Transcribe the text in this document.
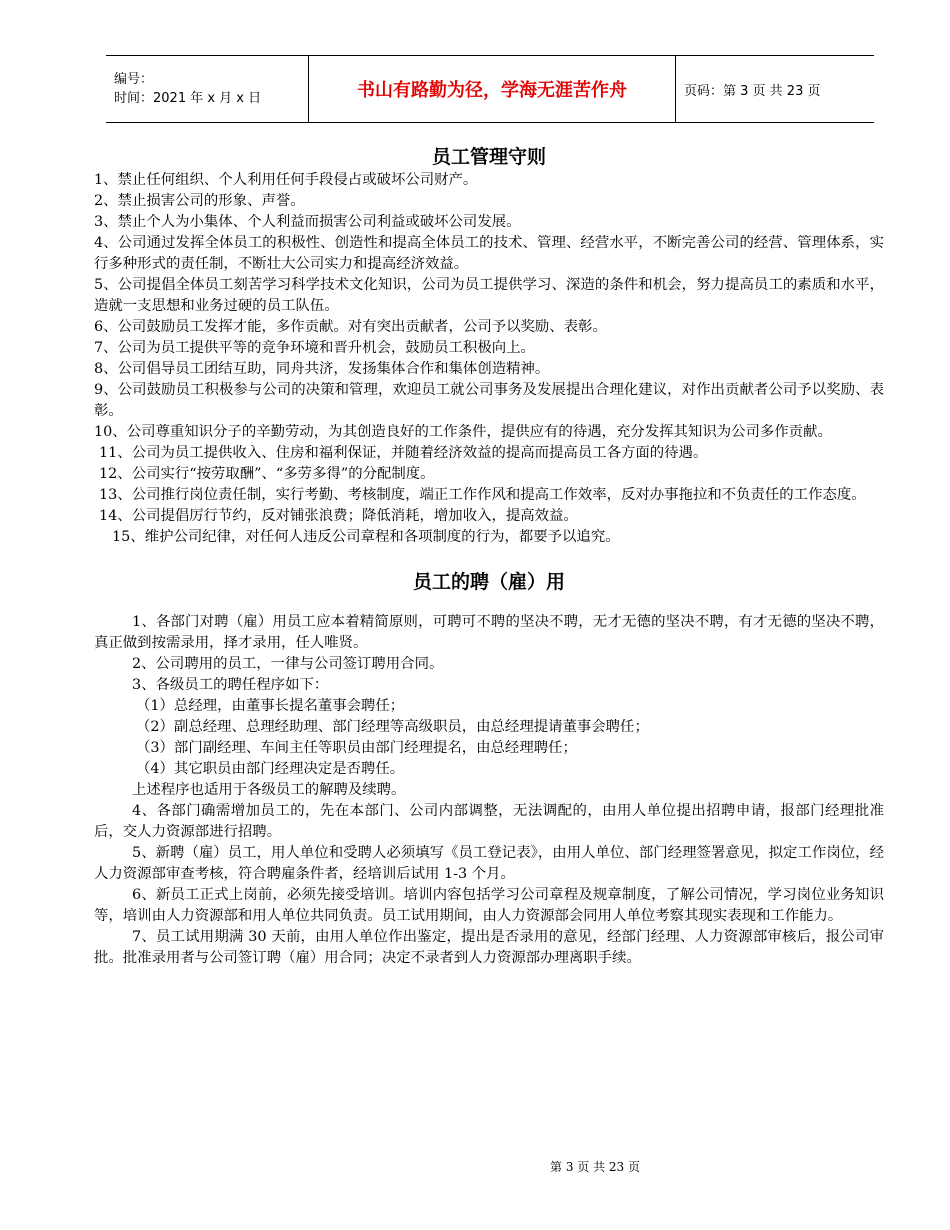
编号：
时间：2021 年 x 月 x 日	书山有路勤为径，学海无涯苦作舟	页码：第 3 页 共 23 页
员工管理守则

1、禁止任何组织、个人利用任何手段侵占或破坏公司财产。

2、禁止损害公司的形象、声誉。

3、禁止个人为小集体、个人利益而损害公司利益或破坏公司发展。

4、公司通过发挥全体员工的积极性、创造性和提高全体员工的技术、管理、经营水平，不断完善公司的经营、管理体系，实行多种形式的责任制，不断壮大公司实力和提高经济效益。

5、公司提倡全体员工刻苦学习科学技术文化知识，公司为员工提供学习、深造的条件和机会，努力提高员工的素质和水平，造就一支思想和业务过硬的员工队伍。

6、公司鼓励员工发挥才能，多作贡献。对有突出贡献者，公司予以奖励、表彰。

7、公司为员工提供平等的竞争环境和晋升机会，鼓励员工积极向上。

8、公司倡导员工团结互助，同舟共济，发扬集体合作和集体创造精神。

9、公司鼓励员工积极参与公司的决策和管理，欢迎员工就公司事务及发展提出合理化建议，对作出贡献者公司予以奖励、表彰。

10、公司尊重知识分子的辛勤劳动，为其创造良好的工作条件，提供应有的待遇，充分发挥其知识为公司多作贡献。

11、公司为员工提供收入、住房和福利保证，并随着经济效益的提高而提高员工各方面的待遇。

12、公司实行“按劳取酬”、“多劳多得”的分配制度。

13、公司推行岗位责任制，实行考勤、考核制度，端正工作作风和提高工作效率，反对办事拖拉和不负责任的工作态度。

14、公司提倡厉行节约，反对铺张浪费；降低消耗，增加收入，提高效益。

15、维护公司纪律，对任何人违反公司章程和各项制度的行为，都要予以追究。

员工的聘（雇）用

1、各部门对聘（雇）用员工应本着精简原则，可聘可不聘的坚决不聘，无才无德的坚决不聘，有才无德的坚决不聘，真正做到按需录用，择才录用，任人唯贤。

2、公司聘用的员工，一律与公司签订聘用合同。

3、各级员工的聘任程序如下：

（1）总经理，由董事长提名董事会聘任；

（2）副总经理、总理经助理、部门经理等高级职员，由总经理提请董事会聘任；

（3）部门副经理、车间主任等职员由部门经理提名，由总经理聘任；

（4）其它职员由部门经理决定是否聘任。

上述程序也适用于各级员工的解聘及续聘。

4、各部门确需增加员工的，先在本部门、公司内部调整，无法调配的，由用人单位提出招聘申请，报部门经理批准后，交人力资源部进行招聘。

5、新聘（雇）员工，用人单位和受聘人必须填写《员工登记表》，由用人单位、部门经理签署意见，拟定工作岗位，经人力资源部审查考核，符合聘雇条件者，经培训后试用 1-3 个月。

6、新员工正式上岗前，必须先接受培训。培训内容包括学习公司章程及规章制度，了解公司情况，学习岗位业务知识等，培训由人力资源部和用人单位共同负责。员工试用期间，由人力资源部会同用人单位考察其现实表现和工作能力。

7、员工试用期满 30 天前，由用人单位作出鉴定，提出是否录用的意见，经部门经理、人力资源部审核后，报公司审批。批准录用者与公司签订聘（雇）用合同；决定不录者到人力资源部办理离职手续。

第 3 页 共 23 页
